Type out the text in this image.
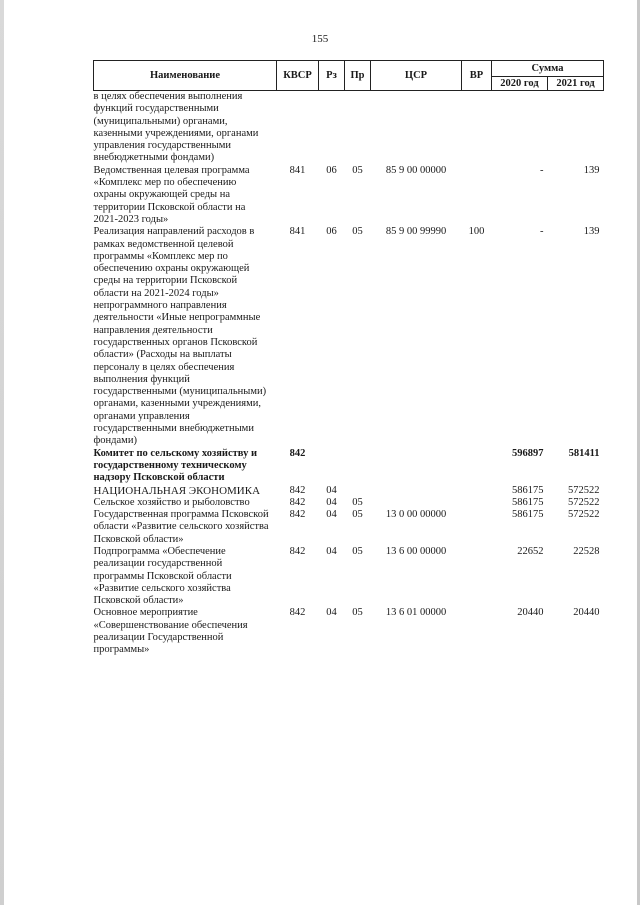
155
Наименование	КВСР	Рз	Пр	ЦСР	ВР	Сумма	
						2020 год	2021 год
в целях обеспечения выполнения функций государственными (муниципальными) органами, казенными учреждениями, органами управления государственными внебюджетными фондами)							
Ведомственная целевая программа «Комплекс мер по обеспечению охраны окружающей среды на территории Псковской области на 2021-2023 годы»	841	06	05	85 9 00 00000		-	139
Реализация направлений расходов в рамках ведомственной целевой программы «Комплекс мер по обеспечению охраны окружающей среды на территории Псковской области на 2021-2024 годы» непрограммного направления деятельности «Иные непрограммные направления деятельности государственных органов Псковской области» (Расходы на выплаты персоналу в целях обеспечения выполнения функций государственными (муниципальными) органами, казенными учреждениями, органами управления государственными внебюджетными фондами)	841	06	05	85 9 00 99990	100	-	139
Комитет по сельскому хозяйству и государственному техническому надзору Псковской области	842					596897	581411
НАЦИОНАЛЬНАЯ ЭКОНОМИКА	842	04				586175	572522
Сельское хозяйство и рыболовство	842	04	05			586175	572522
Государственная программа Псковской области «Развитие сельского хозяйства Псковской области»	842	04	05	13 0 00 00000		586175	572522
Подпрограмма «Обеспечение реализации государственной программы Псковской области «Развитие сельского хозяйства Псковской области»	842	04	05	13 6 00 00000		22652	22528
Основное мероприятие «Совершенствование обеспечения реализации Государственной программы»	842	04	05	13 6 01 00000		20440	20440
